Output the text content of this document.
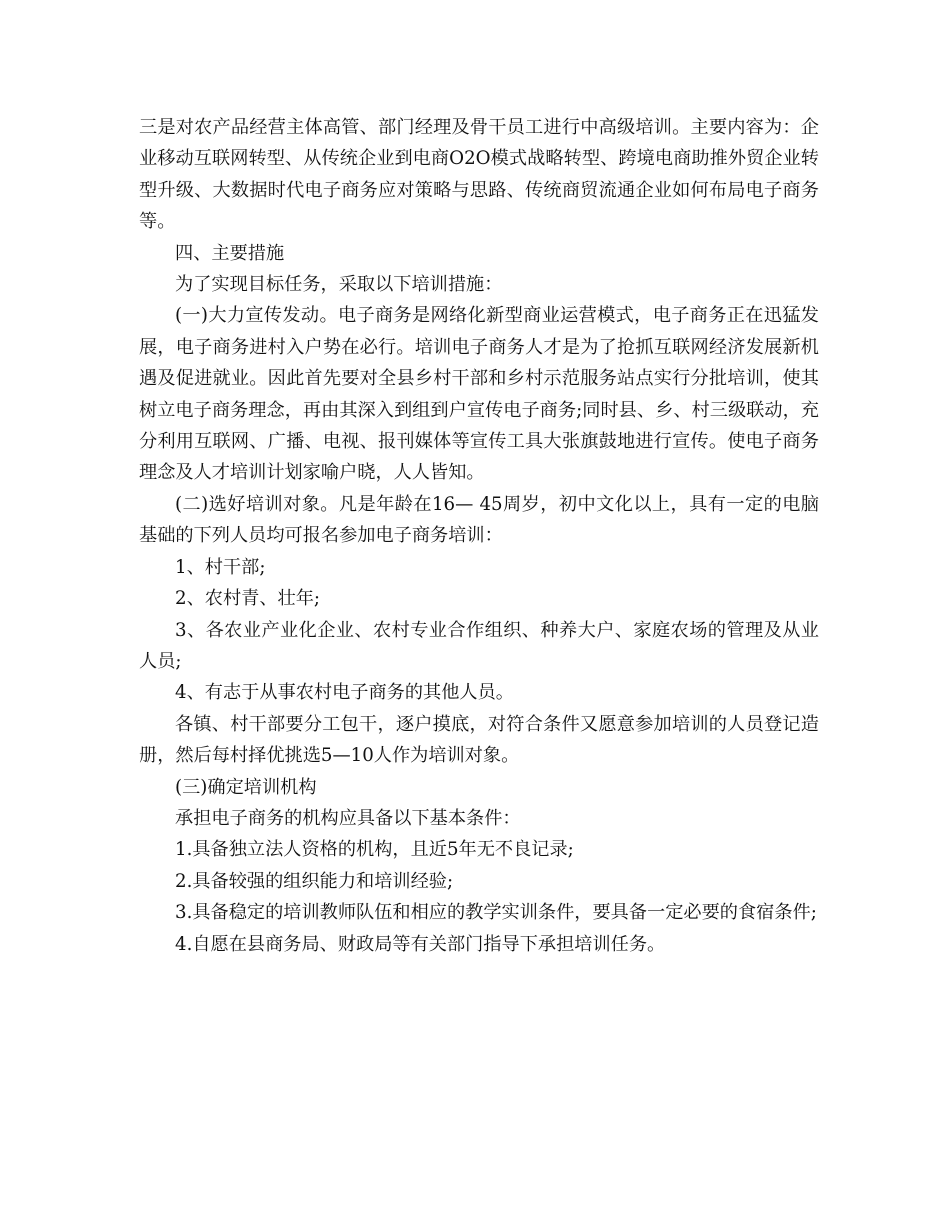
三是对农产品经营主体高管、部门经理及骨干员工进行中高级培训。主要内容为：企业移动互联网转型、从传统企业到电商O2O模式战略转型、跨境电商助推外贸企业转型升级、大数据时代电子商务应对策略与思路、传统商贸流通企业如何布局电子商务等。

四、主要措施

为了实现目标任务，采取以下培训措施：

(一)大力宣传发动。电子商务是网络化新型商业运营模式，电子商务正在迅猛发展，电子商务进村入户势在必行。培训电子商务人才是为了抢抓互联网经济发展新机遇及促进就业。因此首先要对全县乡村干部和乡村示范服务站点实行分批培训，使其树立电子商务理念，再由其深入到组到户宣传电子商务;同时县、乡、村三级联动，充分利用互联网、广播、电视、报刊媒体等宣传工具大张旗鼓地进行宣传。使电子商务理念及人才培训计划家喻户晓，人人皆知。

(二)选好培训对象。凡是年龄在16— 45周岁，初中文化以上，具有一定的电脑基础的下列人员均可报名参加电子商务培训：

1、村干部;

2、农村青、壮年;

3、各农业产业化企业、农村专业合作组织、种养大户、家庭农场的管理及从业人员;

4、有志于从事农村电子商务的其他人员。

各镇、村干部要分工包干，逐户摸底，对符合条件又愿意参加培训的人员登记造册，然后每村择优挑选5—10人作为培训对象。

(三)确定培训机构

承担电子商务的机构应具备以下基本条件：

1.具备独立法人资格的机构，且近5年无不良记录;

2.具备较强的组织能力和培训经验;

3.具备稳定的培训教师队伍和相应的教学实训条件，要具备一定必要的食宿条件;

4.自愿在县商务局、财政局等有关部门指导下承担培训任务。
